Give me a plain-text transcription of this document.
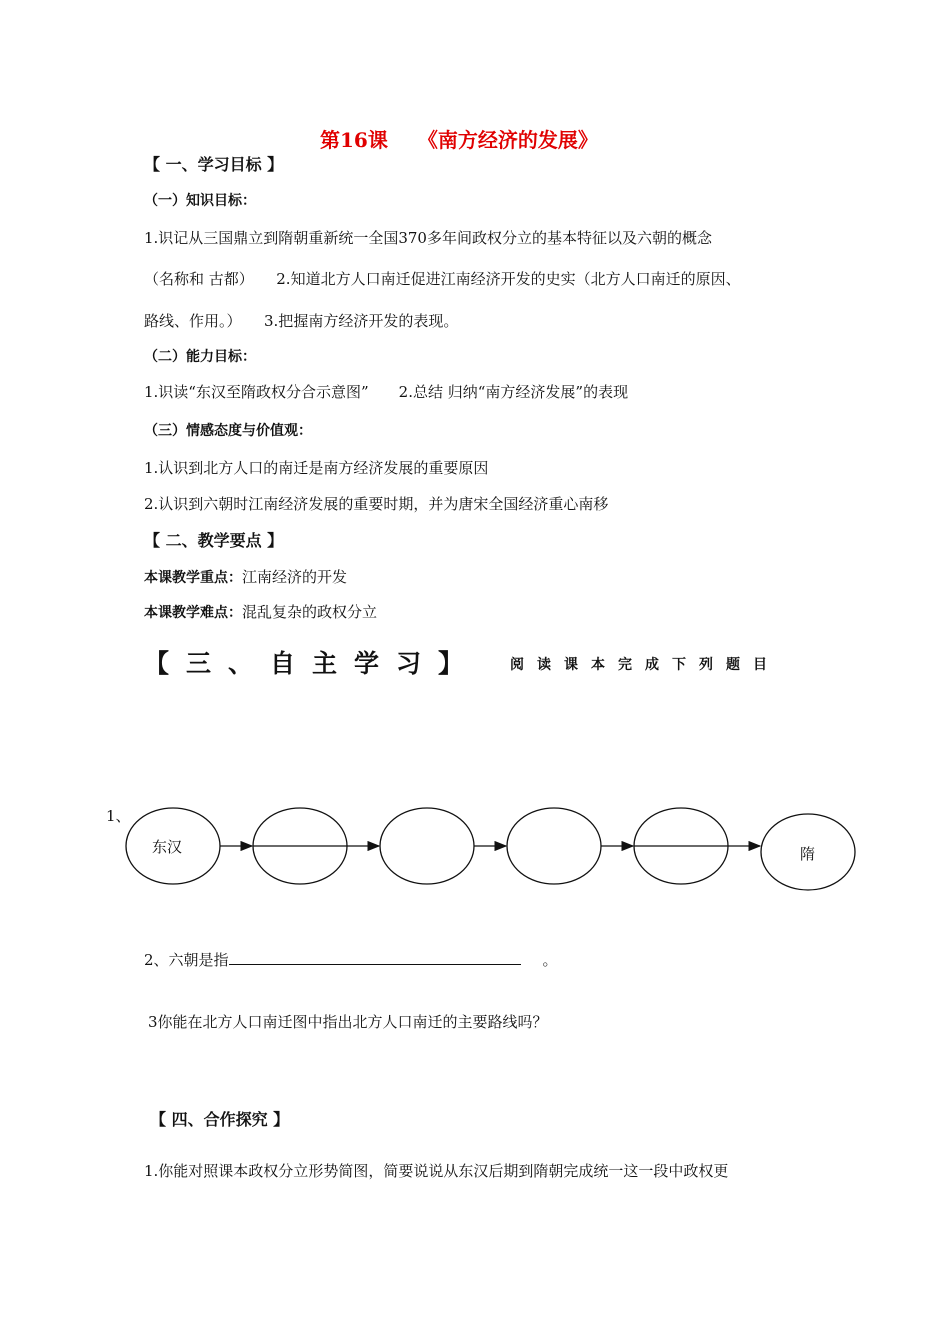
第16课　　《南方经济的发展》
【 一、学习目标 】
（一）知识目标：
1.识记从三国鼎立到隋朝重新统一全国370多年间政权分立的基本特征以及六朝的概念
（名称和 古都）　　2.知道北方人口南迁促进江南经济开发的史实（北方人口南迁的原因、
路线、作用。）　　3.把握南方经济开发的表现。
（二）能力目标：
1.识读“东汉至隋政权分合示意图”　　2.总结 归纳“南方经济发展”的表现
（三）情感态度与价值观：
1.认识到北方人口的南迁是南方经济发展的重要原因
2.认识到六朝时江南经济发展的重要时期，并为唐宋全国经济重心南移
【 二、教学要点 】
本课教学重点：江南经济的开发
本课教学难点：混乱复杂的政权分立
【三、自主学习】 阅读课本完成下列题目
1、
东汉	隋
2、六朝是指	。
3你能在北方人口南迁图中指出北方人口南迁的主要路线吗？
【 四、合作探究 】
1.你能对照课本政权分立形势简图，简要说说从东汉后期到隋朝完成统一这一段中政权更
